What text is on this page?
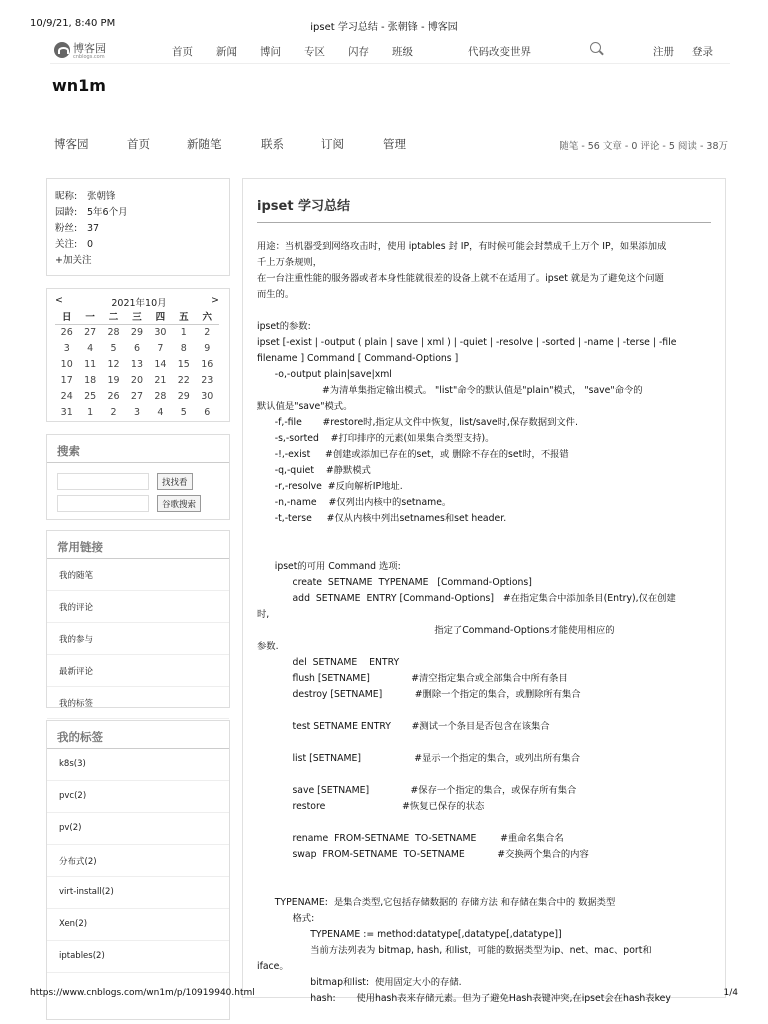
10/9/21, 8:40 PM	ipset 学习总结 - 张朝锋 - 博客园
博客园
cnblogs.com	首页 新闻 博问 专区 闪存 班级	代码改变世界	注册 登录
wn1m
博客园	首页	新随笔	联系	订阅	管理	随笔 - 56 文章 - 0 评论 - 5 阅读 - 38万
昵称: 张朝锋
园龄: 5年6个月
粉丝: 37
关注: 0
+加关注
<	2021年10月	>
日	一	二	三	四	五	六
26	27	28	29	30	1	2
3	4	5	6	7	8	9
10	11	12	13	14	15	16
17	18	19	20	21	22	23
24	25	26	27	28	29	30
31	1	2	3	4	5	6
搜索
找找看
谷歌搜索
常用链接
我的随笔
我的评论
我的参与
最新评论
我的标签
我的标签
k8s(3)
pvc(2)
pv(2)
分布式(2)
virt-install(2)
Xen(2)
iptables(2)
ipset 学习总结
用途：当机器受到网络攻击时，使用 iptables 封 IP，有时候可能会封禁成千上万个 IP，如果添加成
千上万条规则，
在一台注重性能的服务器或者本身性能就很差的设备上就不在适用了。ipset 就是为了避免这个问题
而生的。
ipset的参数:
ipset [-exist | -output ( plain | save | xml ) | -quiet | -resolve | -sorted | -name | -terse | -file
filename ] Command [ Command-Options ]
-o,-output plain|save|xml
#为清单集指定输出模式。 "list"命令的默认值是"plain"模式， "save"命令的
默认值是"save"模式。
-f,-file       #restore时,指定从文件中恢复，list/save时,保存数据到文件.
-s,-sorted    #打印排序的元素(如果集合类型支持)。
-!,-exist     #创建或添加已存在的set，或 删除不存在的set时，不报错
-q,-quiet    #静默模式
-r,-resolve  #反向解析IP地址.
-n,-name    #仅列出内核中的setname。
-t,-terse     #仅从内核中列出setnames和set header.
ipset的可用 Command 选项:
create  SETNAME  TYPENAME   [Command-Options]
add  SETNAME  ENTRY [Command-Options]   #在指定集合中添加条目(Entry),仅在创建
时,
指定了Command-Options才能使用相应的
参数.
del  SETNAME    ENTRY
flush [SETNAME]              #清空指定集合或全部集合中所有条目
destroy [SETNAME]           #删除一个指定的集合，或删除所有集合
test SETNAME ENTRY       #测试一个条目是否包含在该集合
list [SETNAME]                  #显示一个指定的集合，或列出所有集合
save [SETNAME]              #保存一个指定的集合，或保存所有集合
restore                          #恢复已保存的状态
rename  FROM-SETNAME  TO-SETNAME        #重命名集合名
swap  FROM-SETNAME  TO-SETNAME           #交换两个集合的内容
TYPENAME:  是集合类型,它包括存储数据的 存储方法 和存储在集合中的 数据类型
格式:
TYPENAME := method:datatype[,datatype[,datatype]]
当前方法列表为 bitmap, hash, 和list，可能的数据类型为ip、net、mac、port和
iface。
bitmap和list:  使用固定大小的存储.
hash:       使用hash表来存储元素。但为了避免Hash表键冲突,在ipset会在hash表key
https://www.cnblogs.com/wn1m/p/10919940.html	1/4
